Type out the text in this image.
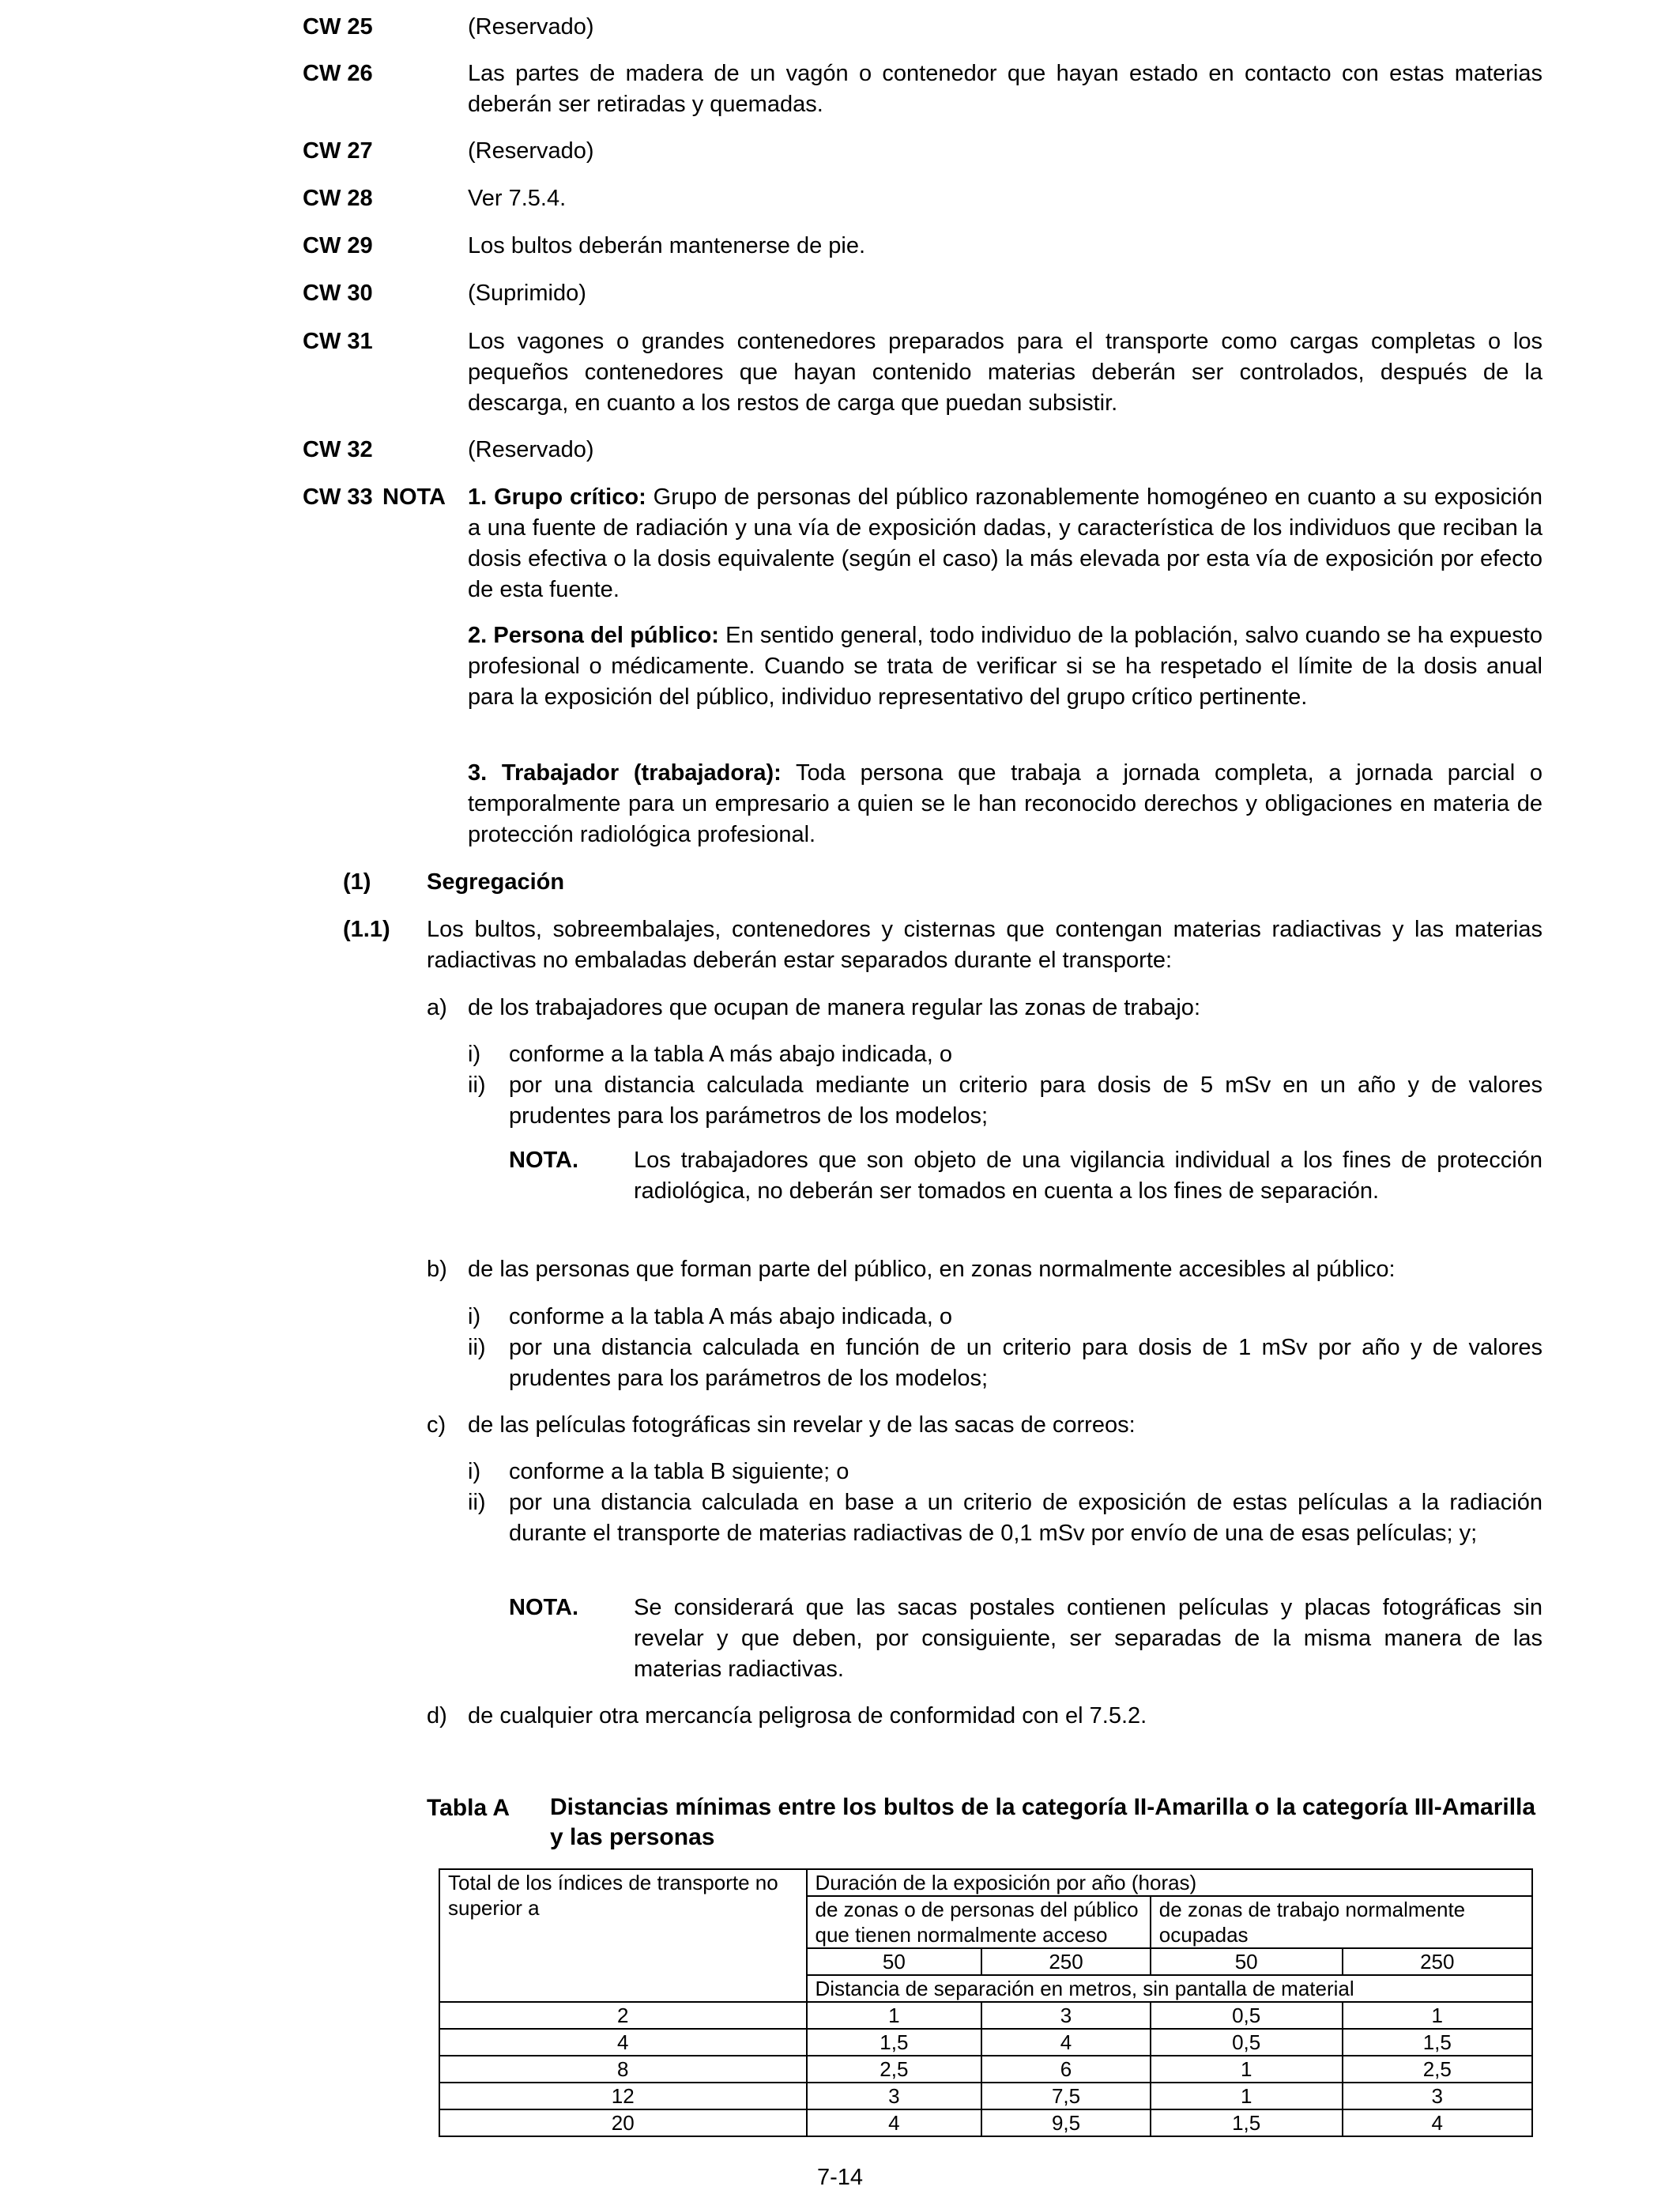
CW 25	(Reservado)
CW 26	Las partes de madera de un vagón o contenedor que hayan estado en contacto con estas materias deberán ser retiradas y quemadas.
CW 27	(Reservado)
CW 28	Ver 7.5.4.
CW 29	Los bultos deberán mantenerse de pie.
CW 30	(Suprimido)
CW 31	Los vagones o grandes contenedores preparados para el transporte como cargas completas o los pequeños contenedores que hayan contenido materias deberán ser controlados, después de la descarga, en cuanto a los restos de carga que puedan subsistir.
CW 32	(Reservado)
CW 33 NOTA 1. Grupo crítico: Grupo de personas del público razonablemente homogéneo en cuanto a su exposición a una fuente de radiación y una vía de exposición dadas, y característica de los individuos que reciban la dosis efectiva o la dosis equivalente (según el caso) la más elevada por esta vía de exposición por efecto de esta fuente.
2. Persona del público: En sentido general, todo individuo de la población, salvo cuando se ha expuesto profesional o médicamente. Cuando se trata de verificar si se ha respetado el límite de la dosis anual para la exposición del público, individuo representativo del grupo crítico pertinente.
3. Trabajador (trabajadora): Toda persona que trabaja a jornada completa, a jornada parcial o temporalmente para un empresario a quien se le han reconocido derechos y obligaciones en materia de protección radiológica profesional.
(1) Segregación
(1.1) Los bultos, sobreembalajes, contenedores y cisternas que contengan materias radiactivas y las materias radiactivas no embaladas deberán estar separados durante el transporte:
a) de los trabajadores que ocupan de manera regular las zonas de trabajo:
i) conforme a la tabla A más abajo indicada, o
ii) por una distancia calculada mediante un criterio para dosis de 5 mSv en un año y de valores prudentes para los parámetros de los modelos;
NOTA. Los trabajadores que son objeto de una vigilancia individual a los fines de protección radiológica, no deberán ser tomados en cuenta a los fines de separación.
b) de las personas que forman parte del público, en zonas normalmente accesibles al público:
i) conforme a la tabla A más abajo indicada, o
ii) por una distancia calculada en función de un criterio para dosis de 1 mSv por año y de valores prudentes para los parámetros de los modelos;
c) de las películas fotográficas sin revelar y de las sacas de correos:
i) conforme a la tabla B siguiente; o
ii) por una distancia calculada en base a un criterio de exposición de estas películas a la radiación durante el transporte de materias radiactivas de 0,1 mSv por envío de una de esas películas; y;
NOTA. Se considerará que las sacas postales contienen películas y placas fotográficas sin revelar y que deben, por consiguiente, ser separadas de la misma manera de las materias radiactivas.
d) de cualquier otra mercancía peligrosa de conformidad con el 7.5.2.
Tabla A Distancias mínimas entre los bultos de la categoría II-Amarilla o la categoría III-Amarilla y las personas
Total de los índices de transporte no superior a	Duración de la exposición por año (horas)			
	de zonas o de personas del público que tienen normalmente acceso		de zonas de trabajo normalmente ocupadas	
	50	250	50	250
	Distancia de separación en metros, sin pantalla de material			
2	1	3	0,5	1
4	1,5	4	0,5	1,5
8	2,5	6	1	2,5
12	3	7,5	1	3
20	4	9,5	1,5	4
7-14
